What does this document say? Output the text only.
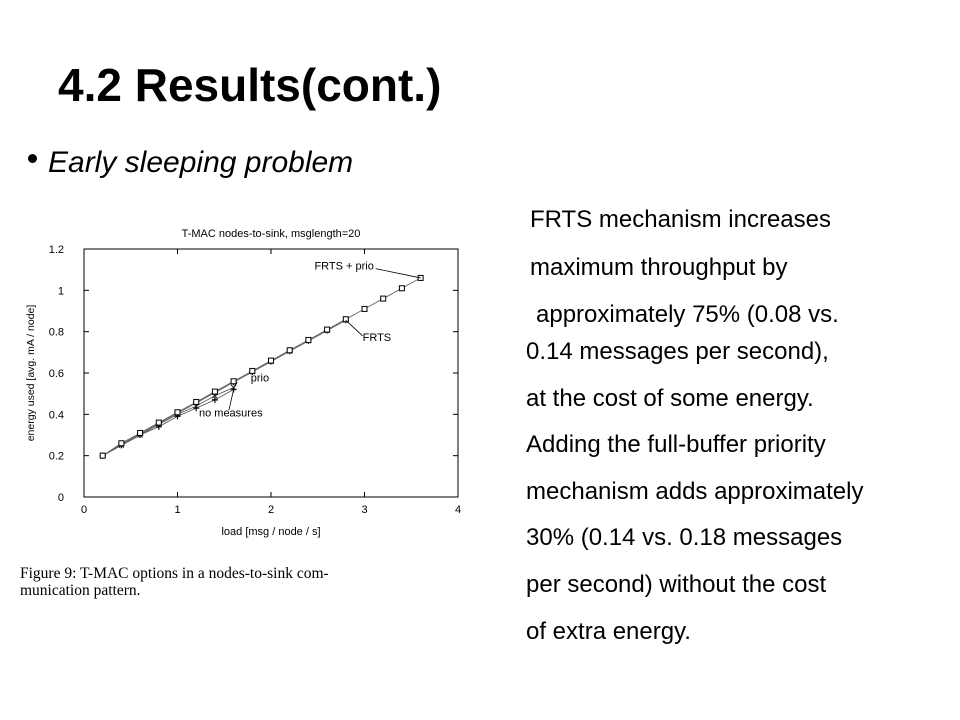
4.2 Results(cont.)
Early sleeping problem
FRTS mechanism increases
maximum throughput by
approximately 75% (0.08 vs.
0.14 messages per second),
at the cost of some energy.
Adding the full-buffer priority
mechanism adds approximately
30% (0.14 vs. 0.18 messages
per second) without the cost
of extra energy.
T-MAC nodes-to-sink, msglength=20
0	1	2	3	4
0
0.2
0.4
0.6
0.8
1
1.2
load [msg / node / s]
energy used [avg. mA / node]
FRTS + prio
FRTS
prio
no measures
Figure 9: T-MAC options in a nodes-to-sink com-
munication pattern.
